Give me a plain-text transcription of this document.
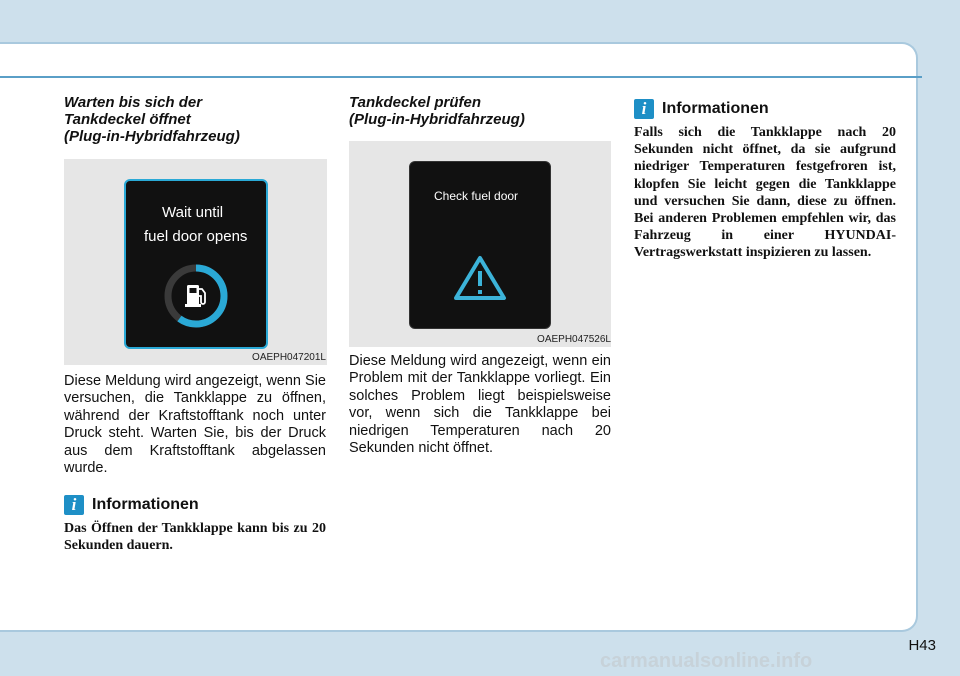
Warten bis sich der
Tankdeckel öffnet
(Plug-in-Hybridfahrzeug)
Wait until
fuel door opens
OAEPH047201L

Diese Meldung wird angezeigt, wenn Sie versuchen, die Tankklappe zu öffnen, während der Kraftstofftank noch unter Druck steht. Warten Sie, bis der Druck aus dem Kraftstofftank abgelassen wurde.

i Informationen
Das Öffnen der Tankklappe kann bis zu 20 Sekunden dauern.
Tankdeckel prüfen
(Plug-in-Hybridfahrzeug)
Check fuel door
OAEPH047526L

Diese Meldung wird angezeigt, wenn ein Problem mit der Tankklappe vorliegt. Ein solches Problem liegt beispielsweise vor, wenn sich die Tankklappe bei niedrigen Temperaturen nach 20 Sekunden nicht öffnet.

i Informationen
Falls sich die Tankklappe nach 20 Sekunden nicht öffnet, da sie aufgrund niedriger Temperaturen festgefroren ist, klopfen Sie leicht gegen die Tankklappe und versuchen Sie dann, diese zu öffnen. Bei anderen Problemen empfehlen wir, das Fahrzeug in einer HYUNDAI-Vertragswerkstatt inspizieren zu lassen.
H43
carmanualsonline.info
